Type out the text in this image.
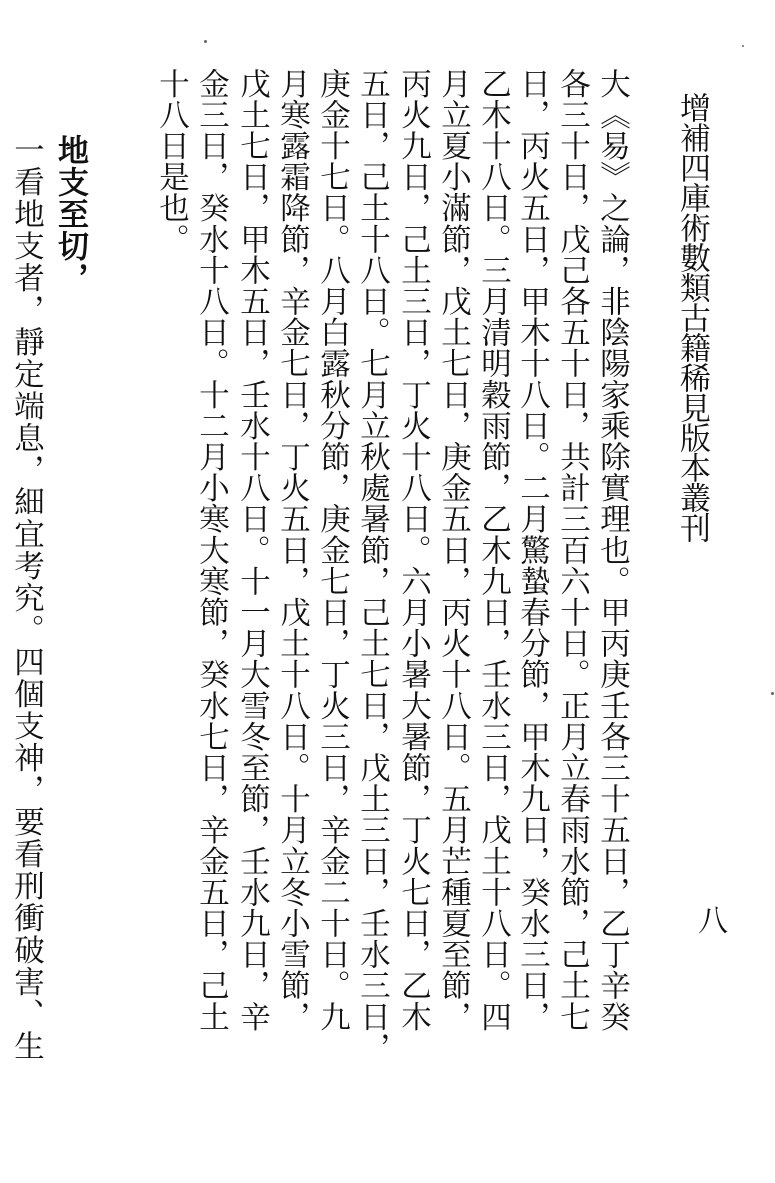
增補四庫術數類古籍稀見版本叢刊
八
大《易》之論，非陰陽家乘除實理也。甲丙庚壬各三十五日，乙丁辛癸
各三十日，戊己各五十日，共計三百六十日。正月立春雨水節，己土七
日，丙火五日，甲木十八日。二月驚蟄春分節，甲木九日，癸水三日，
乙木十八日。三月清明穀雨節，乙木九日，壬水三日，戊土十八日。四
月立夏小滿節，戊土七日，庚金五日，丙火十八日。五月芒種夏至節，
丙火九日，己土三日，丁火十八日。六月小暑大暑節，丁火七日，乙木
五日，己土十八日。七月立秋處暑節，己土七日，戊土三日，壬水三日，
庚金十七日。八月白露秋分節，庚金七日，丁火三日，辛金二十日。九
月寒露霜降節，辛金七日，丁火五日，戊土十八日。十月立冬小雪節，
戊土七日，甲木五日，壬水十八日。十一月大雪冬至節，壬水九日，辛
金三日，癸水十八日。十二月小寒大寒節，癸水七日，辛金五日，己土
十八日是也。
地支至切，
一看地支者，靜定端息，細宜考究。四個支神，要看刑衝破害、生
